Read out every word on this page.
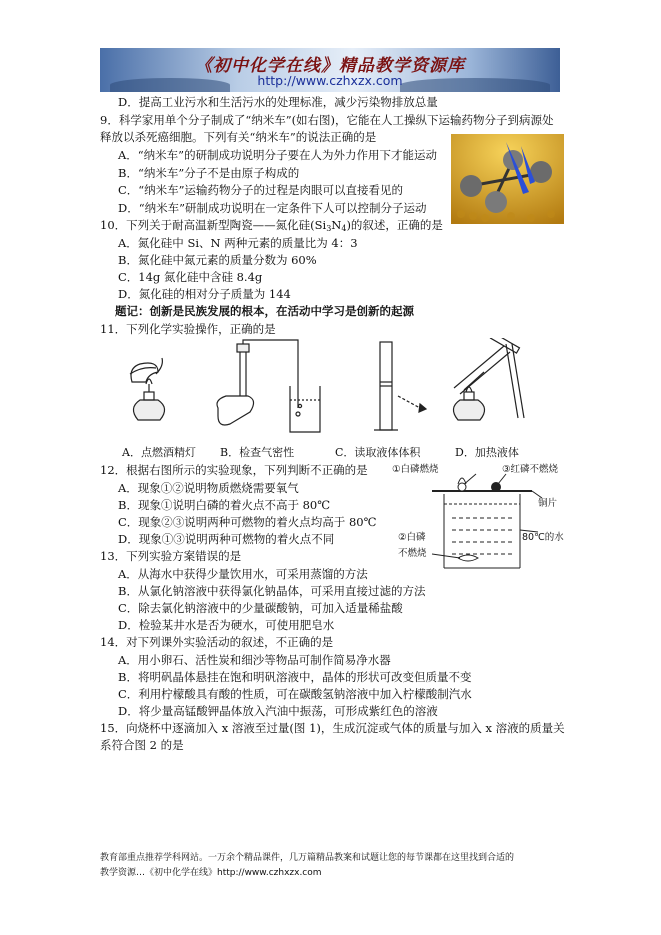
《初中化学在线》精品教学资源库
http://www.czhxzx.com
D．提高工业污水和生活污水的处理标准，减少污染物排放总量
9．科学家用单个分子制成了“纳米车”(如右图)，它能在人工操纵下运输药物分子到病源处
释放以杀死癌细胞。下列有关“纳米车”的说法正确的是
A．“纳米车”的研制成功说明分子要在人为外力作用下才能运动
B．“纳米车”分子不是由原子构成的
C．“纳米车”运输药物分子的过程是肉眼可以直接看见的
D．“纳米车”研制成功说明在一定条件下人可以控制分子运动
10．下列关于耐高温新型陶瓷——氮化硅$(Si_3N_4)$的叙述，正确的是
A．氮化硅中 Si、N 两种元素的质量比为 4：3
B．氮化硅中氮元素的质量分数为 60%
C．14g 氮化硅中含硅 8.4g
D．氮化硅的相对分子质量为 144
题记：创新是民族发展的根本，在活动中学习是创新的起源
11．下列化学实验操作，正确的是
A．点燃酒精灯 B．检查气密性	C．读取液体体积	D．加热液体
12．根据右图所示的实验现象，下列判断不正确的是
A．现象①②说明物质燃烧需要氧气
B．现象①说明白磷的着火点不高于 80℃
C．现象②③说明两种可燃物的着火点均高于 80℃
D．现象①③说明两种可燃物的着火点不同
①白磷燃烧	③红磷不燃烧
铜片
80℃的水
②白磷
不燃烧
13．下列实验方案错误的是
A．从海水中获得少量饮用水，可采用蒸馏的方法
B．从氯化钠溶液中获得氯化钠晶体，可采用直接过滤的方法
C．除去氯化钠溶液中的少量碳酸钠，可加入适量稀盐酸
D．检验某井水是否为硬水，可使用肥皂水
14．对下列课外实验活动的叙述，不正确的是
A．用小卵石、活性炭和细沙等物品可制作简易净水器
B．将明矾晶体悬挂在饱和明矾溶液中，晶体的形状可改变但质量不变
C．利用柠檬酸具有酸的性质，可在碳酸氢钠溶液中加入柠檬酸制汽水
D．将少量高锰酸钾晶体放入汽油中振荡，可形成紫红色的溶液
15．向烧杯中逐滴加入 x 溶液至过量(图 1)，生成沉淀或气体的质量与加入 x 溶液的质量关
系符合图 2 的是
教育部重点推荐学科网站。一万余个精品课件，几万篇精品教案和试题让您的每节课都在这里找到合适的
教学资源…《初中化学在线》http://www.czhxzx.com
